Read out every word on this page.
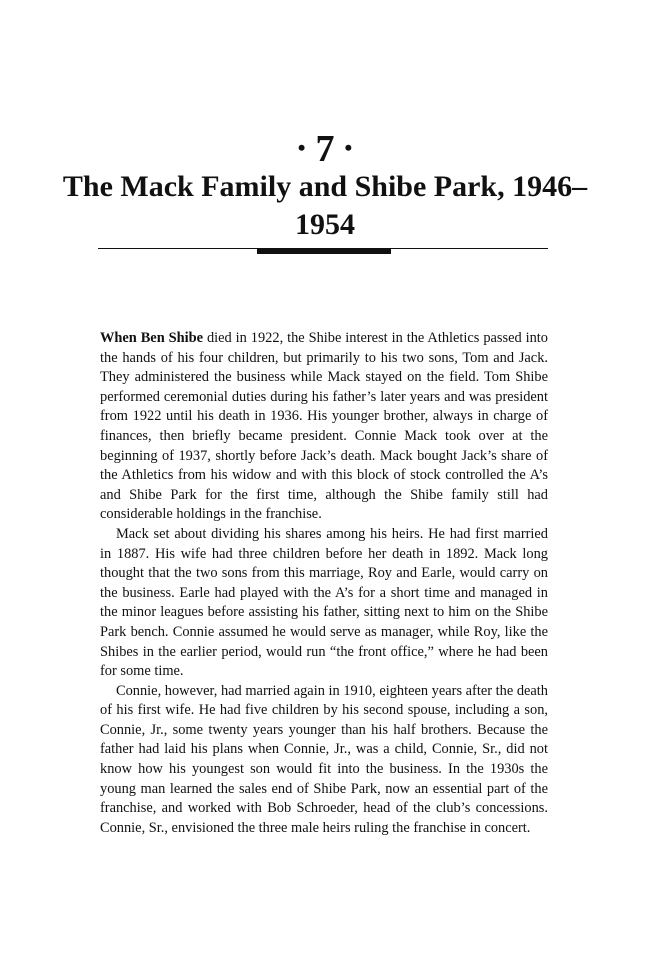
• 7 •
The Mack Family and Shibe Park, 1946–1954

When Ben Shibe died in 1922, the Shibe interest in the Athletics passed into the hands of his four children, but primarily to his two sons, Tom and Jack. They administered the business while Mack stayed on the field. Tom Shibe performed ceremonial duties during his father’s later years and was president from 1922 until his death in 1936. His younger brother, always in charge of finances, then briefly became president. Connie Mack took over at the beginning of 1937, shortly before Jack’s death. Mack bought Jack’s share of the Athletics from his widow and with this block of stock controlled the A’s and Shibe Park for the first time, although the Shibe family still had considerable holdings in the franchise.

Mack set about dividing his shares among his heirs. He had first married in 1887. His wife had three children before her death in 1892. Mack long thought that the two sons from this marriage, Roy and Earle, would carry on the business. Earle had played with the A’s for a short time and managed in the minor leagues before assisting his father, sitting next to him on the Shibe Park bench. Connie assumed he would serve as manager, while Roy, like the Shibes in the earlier period, would run “the front office,” where he had been for some time.

Connie, however, had married again in 1910, eighteen years after the death of his first wife. He had five children by his second spouse, including a son, Connie, Jr., some twenty years younger than his half brothers. Because the father had laid his plans when Connie, Jr., was a child, Connie, Sr., did not know how his youngest son would fit into the business. In the 1930s the young man learned the sales end of Shibe Park, now an essential part of the franchise, and worked with Bob Schroeder, head of the club’s concessions. Connie, Sr., envisioned the three male heirs ruling the franchise in concert.
